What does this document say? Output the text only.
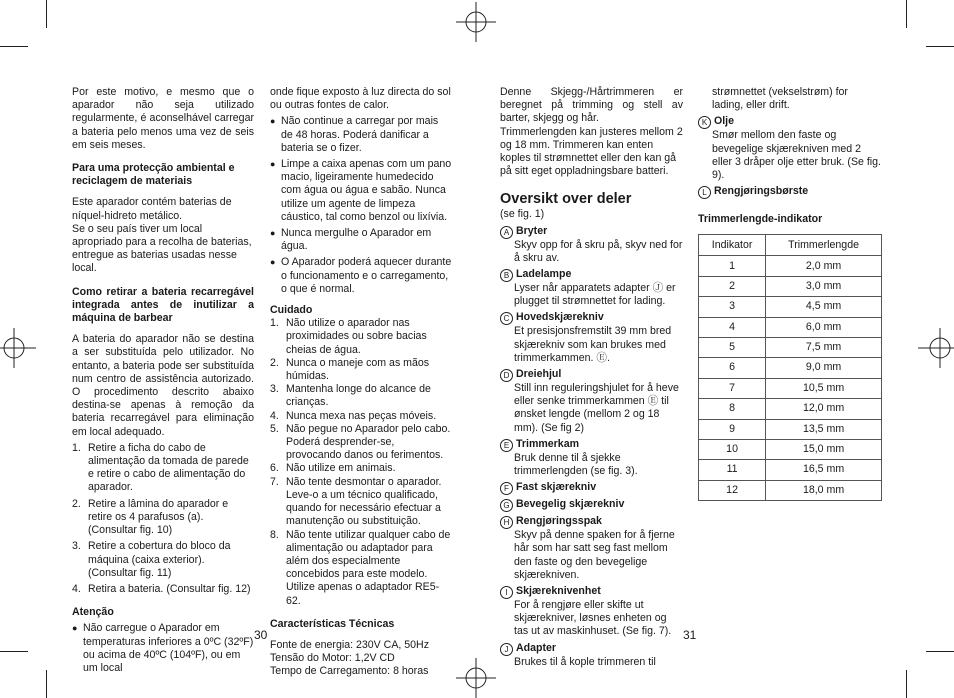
Por este motivo, e mesmo que o aparador não seja utilizado regularmente, é aconselhável carregar a bateria pelo menos uma vez de seis em seis meses.

Para uma protecção ambiental e reciclagem de materiais

Este aparador contém baterias de níquel-hidreto metálico.

Se o seu país tiver um local apropriado para a recolha de baterias, entregue as baterias usadas nesse local.

Como retirar a bateria recarregável integrada antes de inutilizar a máquina de barbear

A bateria do aparador não se destina a ser substituída pelo utilizador. No entanto, a bateria pode ser substituída num centro de assistência autorizado. O procedimento descrito abaixo destina-se apenas à remoção da bateria recarregável para eliminação em local adequado.

1. Retire a ficha do cabo de alimentação da tomada de parede e retire o cabo de alimentação do aparador.
2. Retire a lâmina do aparador e retire os 4 parafusos (a). (Consultar fig. 10)
3. Retire a cobertura do bloco da máquina (caixa exterior). (Consultar fig. 11)
4. Retira a bateria. (Consultar fig. 12)

Atenção

● Não carregue o Aparador em temperaturas inferiores a 0ºC (32ºF) ou acima de 40ºC (104ºF), ou em um local

onde fique exposto à luz directa do sol ou outras fontes de calor.

● Não continue a carregar por mais de 48 horas. Poderá danificar a bateria se o fizer.
● Limpe a caixa apenas com um pano macio, ligeiramente humedecido com água ou água e sabão. Nunca utilize um agente de limpeza cáustico, tal como benzol ou lixívia.
● Nunca mergulhe o Aparador em água.
● O Aparador poderá aquecer durante o funcionamento e o carregamento, o que é normal.

Cuidado

1. Não utilize o aparador nas proximidades ou sobre bacias cheias de água.
2. Nunca o maneje com as mãos húmidas.
3. Mantenha longe do alcance de crianças.
4. Nunca mexa nas peças móveis.
5. Não pegue no Aparador pelo cabo. Poderá desprender-se, provocando danos ou ferimentos.
6. Não utilize em animais.
7. Não tente desmontar o aparador. Leve-o a um técnico qualificado, quando for necessário efectuar a manutenção ou substituição.
8. Não tente utilizar qualquer cabo de alimentação ou adaptador para além dos especialmente concebidos para este modelo. Utilize apenas o adaptador RE5-62.

Características Técnicas

Fonte de energia: 230V CA, 50Hz

Tensão do Motor: 1,2V CD

Tempo de Carregamento: 8 horas

30

Denne Skjegg-/Hårtrimmeren er beregnet på trimming og stell av barter, skjegg og hår.

Trimmerlengden kan justeres mellom 2 og 18 mm. Trimmeren kan enten koples til strømnettet eller den kan gå på sitt eget oppladningsbare batteri.

Oversikt over deler

(se fig. 1)

A Bryter
Skyv opp for å skru på, skyv ned for å skru av.
B Ladelampe
Lyser når apparatets adapter Ⓙ er plugget til strømnettet for lading.
C Hovedskjærekniv
Et presisjonsfremstilt 39 mm bred skjærekniv som kan brukes med trimmerkammen. Ⓔ.
D Dreiehjul
Still inn reguleringshjulet for å heve eller senke trimmerkammen Ⓔ til ønsket lengde (mellom 2 og 18 mm). (Se fig 2)
E Trimmerkam
Bruk denne til å sjekke trimmerlengden (se fig. 3).
F Fast skjærekniv
G Bevegelig skjærekniv
H Rengjøringsspak
Skyv på denne spaken for å fjerne hår som har satt seg fast mellom den faste og den bevegelige skjærekniven.
I Skjæreknivenhet
For å rengjøre eller skifte ut skjærekniver, løsnes enheten og tas ut av maskinhuset. (Se fig. 7).
J Adapter
Brukes til å kople trimmeren til

strømnettet (vekselstrøm) for lading, eller drift.

K Olje
Smør mellom den faste og bevegelige skjærekniven med 2 eller 3 dråper olje etter bruk. (Se fig. 9).
L Rengjøringsbørste

Trimmerlengde-indikator

Indikator	Trimmerlengde
1	2,0 mm
2	3,0 mm
3	4,5 mm
4	6,0 mm
5	7,5 mm
6	9,0 mm
7	10,5 mm
8	12,0 mm
9	13,5 mm
10	15,0 mm
11	16,5 mm
12	18,0 mm
31
